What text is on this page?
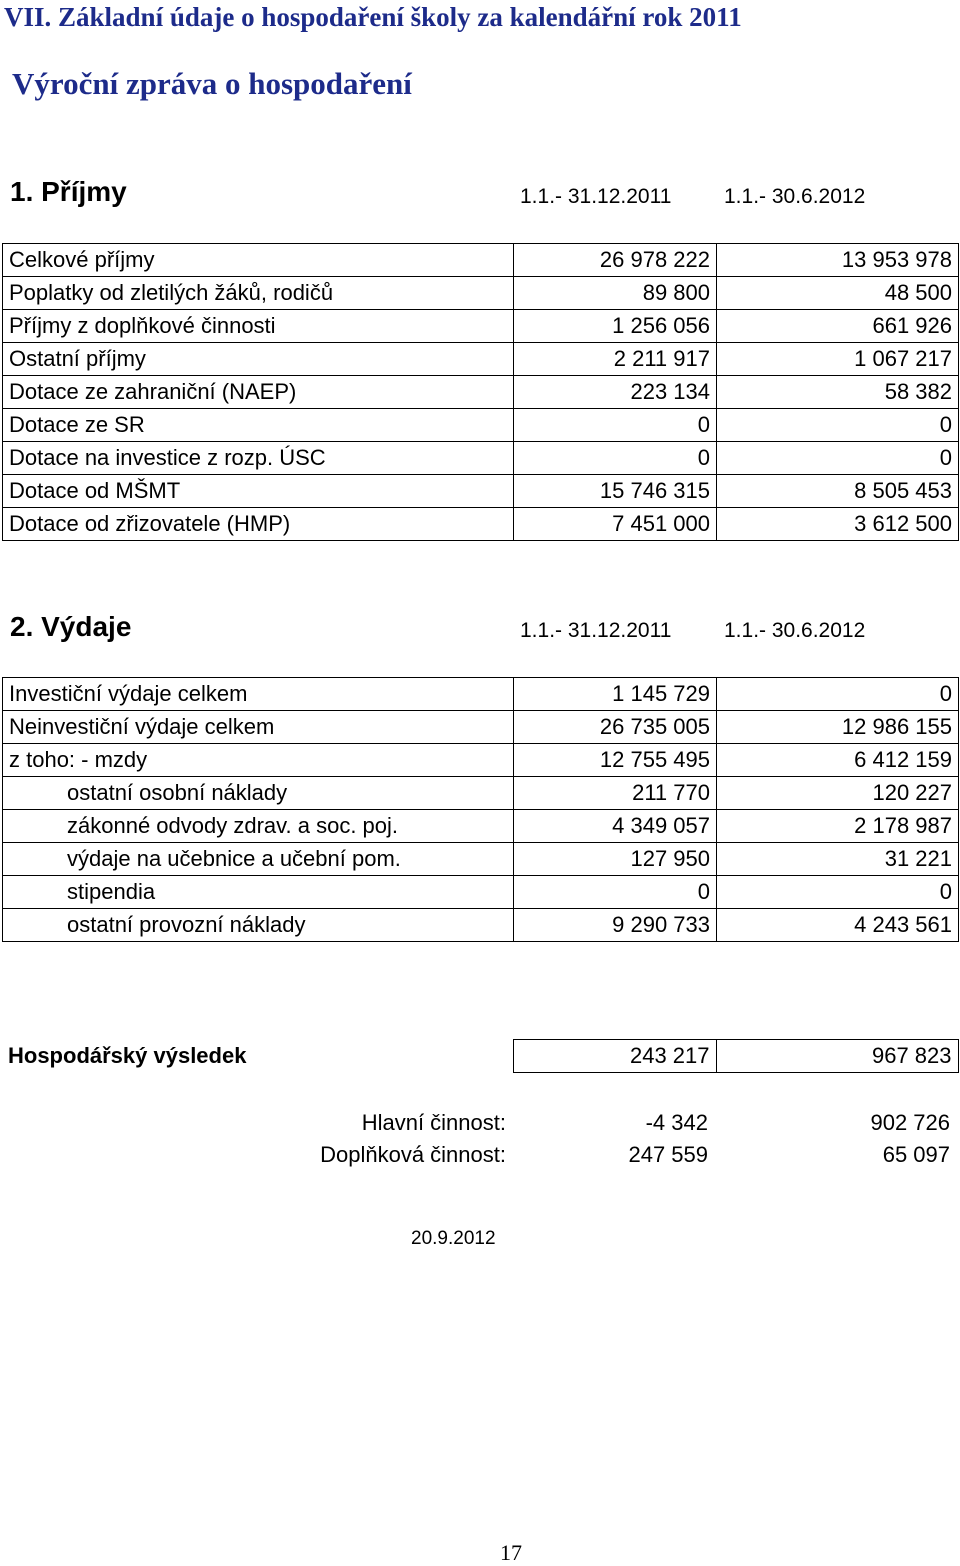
VII. Základní údaje o hospodaření školy za kalendářní rok 2011
Výroční zpráva o hospodaření
1. Příjmy	1.1.- 31.12.2011	1.1.- 30.6.2012
Celkové příjmy	26 978 222	13 953 978
Poplatky od zletilých žáků, rodičů	89 800	48 500
Příjmy z doplňkové činnosti	1 256 056	661 926
Ostatní příjmy	2 211 917	1 067 217
Dotace ze zahraniční (NAEP)	223 134	58 382
Dotace ze SR	0	0
Dotace na investice z rozp. ÚSC	0	0
Dotace od MŠMT	15 746 315	8 505 453
Dotace od zřizovatele (HMP)	7 451 000	3 612 500
2. Výdaje	1.1.- 31.12.2011	1.1.- 30.6.2012
Investiční výdaje celkem	1 145 729	0
Neinvestiční výdaje celkem	26 735 005	12 986 155
z toho: - mzdy	12 755 495	6 412 159
ostatní osobní náklady	211 770	120 227
zákonné odvody zdrav. a soc. poj.	4 349 057	2 178 987
výdaje na učebnice a učební pom.	127 950	31 221
stipendia	0	0
ostatní provozní náklady	9 290 733	4 243 561
Hospodářský výsledek	243 217	967 823
Hlavní činnost:	-4 342	902 726
Doplňková činnost:	247 559	65 097
20.9.2012
17
